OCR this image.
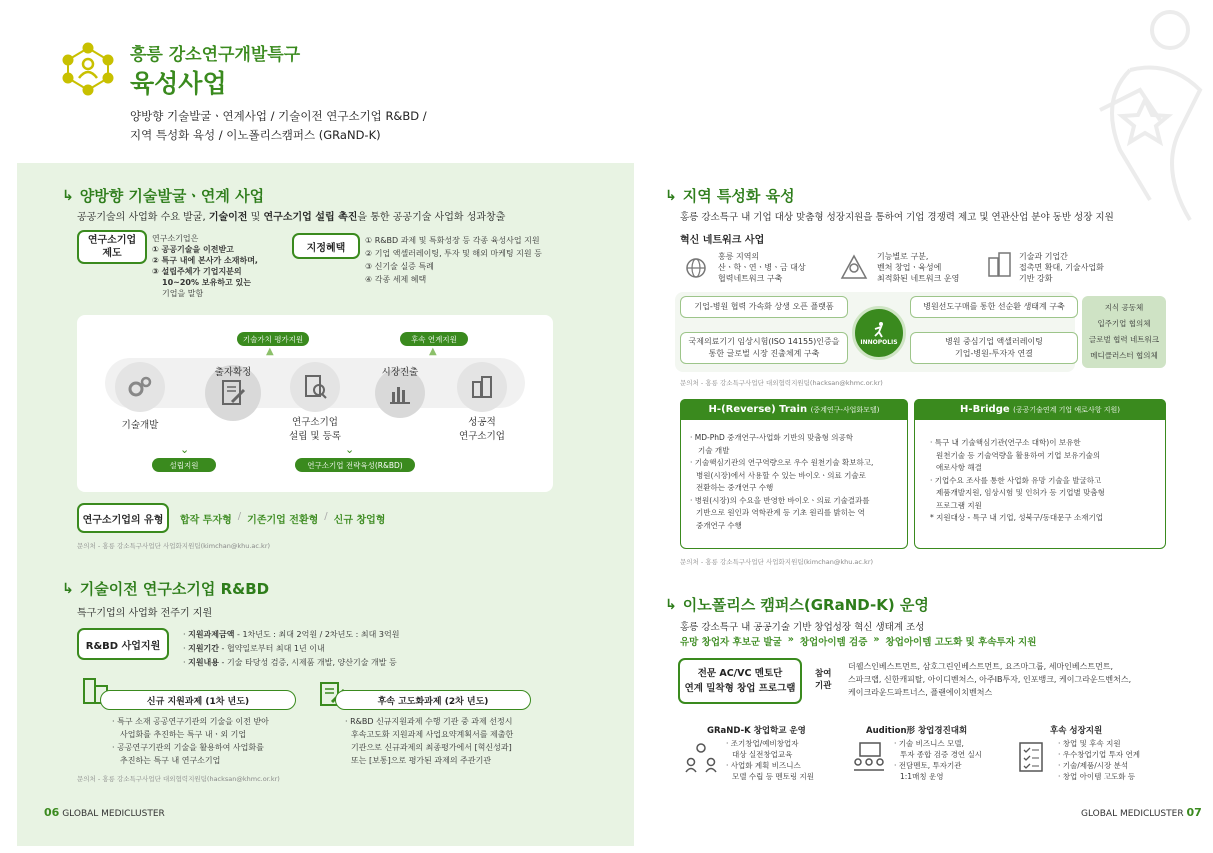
흥릉 강소연구개발특구
육성사업
양방향 기술발굴ㆍ연계사업 / 기술이전 연구소기업 R&BD /
지역 특성화 육성 / 이노폴리스캠퍼스 (GRaND-K)
↳ 양방향 기술발굴ㆍ연계 사업
공공기술의 사업화 수요 발굴, 기술이전 및 연구소기업 설립 촉진을 통한 공공기술 사업화 성과창출
연구소기업
제도
연구소기업은
① 공공기술을 이전받고
② 특구 내에 본사가 소재하며,
③ 설립주체가 기업지분의
10~20% 보유하고 있는
기업을 말함
지정혜택
① R&BD 과제 및 특화성장 등 각종 육성사업 지원
② 기업 액셀러레이팅, 투자 및 해외 마케팅 지원 등
③ 신기술 실증 특례
④ 각종 세제 혜택
기술가치 평가지원	후속 연계지원
▲	▲
기술개발
출자확정
연구소기업
설립 및 등록
시장진출
성공적
연구소기업
⌄	⌄
설립지원	연구소기업 전략육성(R&BD)
연구소기업의 유형	합작 투자형 / 기존기업 전환형 / 신규 창업형
문의처 - 홍릉 강소특구사업단 사업화지원팀(kimchan@khu.ac.kr)
↳ 기술이전 연구소기업 R&BD
특구기업의 사업화 전주기 지원
R&BD 사업지원
· 지원과제금액 - 1차년도 : 최대 2억원 / 2차년도 : 최대 3억원
· 지원기간 - 협약일로부터 최대 1년 이내
· 지원내용 - 기술 타당성 검증, 시제품 개발, 양산기술 개발 등
신규 지원과제 (1차 년도)	후속 고도화과제 (2차 년도)
· 특구 소재 공공연구기관의 기술을 이전 받아
사업화를 추진하는 특구 내ㆍ외 기업
· 공공연구기관의 기술을 활용하여 사업화를
추진하는 특구 내 연구소기업
· R&BD 신규지원과제 수행 기관 중 과제 선정시
후속고도화 지원과제 사업요약계획서를 제출한
기관으로 신규과제의 최종평가에서 [혁신성과]
또는 [보통]으로 평가된 과제의 주관기관
문의처 - 홍릉 강소특구사업단 대외협력지원팀(hacksan@khmc.or.kr)
06 GLOBAL MEDICLUSTER
↳ 지역 특성화 육성
홍릉 강소특구 내 기업 대상 맞춤형 성장지원을 통하여 기업 경쟁력 제고 및 연관산업 분야 동반 성장 지원
혁신 네트워크 사업
홍릉 지역의
산ㆍ학ㆍ연ㆍ병ㆍ금 대상
협력네트워크 구축
기능별로 구분,
벤처 창업ㆍ육성에
최적화된 네트워크 운영
기술과 기업간
접촉면 확대, 기술사업화
기반 강화
기업-병원 협력 가속화 상생 오픈 플랫폼	병원선도구매를 통한 선순환 생태계 구축
국제의료기기 임상시험(ISO 14155)인증을
통한 글로벌 시장 진출체계 구축
병원 중심기업 액셀러레이팅
기업-병원-투자자 연결
INNOPOLIS
지식 공동체
입주기업 협의체
글로벌 협력 네트워크
메디클러스터 협의체
문의처 - 홍릉 강소특구사업단 대외협력지원팀(hacksan@khmc.or.kr)
H-(Reverse) Train
(중계연구-사업화모델)
· MD-PhD 중개연구-사업화 기반의 맞춤형 의공학
기술 개발
· 기술핵심기관의 연구역량으로 우수 원천기술 확보하고,
병원(시장)에서 사용할 수 있는 바이오ㆍ의료 기술로
전환하는 중개연구 수행
· 병원(시장)의 수요을 반영한 바이오ㆍ의료 기술결과를
기반으로 원인과 역학관계 등 기초 원리를 밝히는 역
중개연구 수행
H-Bridge
(공공기술연계 기업 애로사항 지원)
· 특구 내 기술핵심기관(연구소 대학)이 보유한
원천기술 등 기술역량을 활용하여 기업 보유기술의
애로사항 해결
· 기업수요 조사를 통한 사업화 유망 기술을 발굴하고
제품개발지원, 임상시험 및 인허가 등 기업별 맞춤형
프로그램 지원
* 지원대상 - 특구 내 기업, 성북구/동대문구 소재기업
문의처 - 홍릉 강소특구사업단 사업화지원팀(kimchan@khu.ac.kr)
↳ 이노폴리스 캠퍼스(GRaND-K) 운영
홍릉 강소특구 내 공공기술 기반 창업성장 혁신 생태계 조성
유망 창업자 후보군 발굴 » 창업아이템 검증 » 창업아이템 고도화 및 후속투자 지원
전문 AC/VC 멘토단
연계 밀착형 창업 프로그램
참여
기관
더웰스인베스트먼트, 삼호그린인베스트먼트, 요즈마그룹, 세마인베스트먼트,
스파크랩, 신한캐피탈, 아이디벤처스, 아주IB투자, 인포뱅크, 케이그라운드벤처스,
케이크라운드파트너스, 플랜에이치벤처스
GRaND-K 창업학교 운영
· 조기창업/예비창업자
대상 실전창업교육
· 사업화 계획 비즈니스
모델 수립 등 멘토링 지원
Audition形 창업경진대회
· 기술 비즈니스 모델,
투자 종합 검증 경연 실시
· 전담멘토, 투자기관
1:1매칭 운영
후속 성장지원
· 창업 및 후속 지원
· 우수창업기업 투자 연계
· 기술/제품/시장 분석
· 창업 아이템 고도화 등
GLOBAL MEDICLUSTER 07
